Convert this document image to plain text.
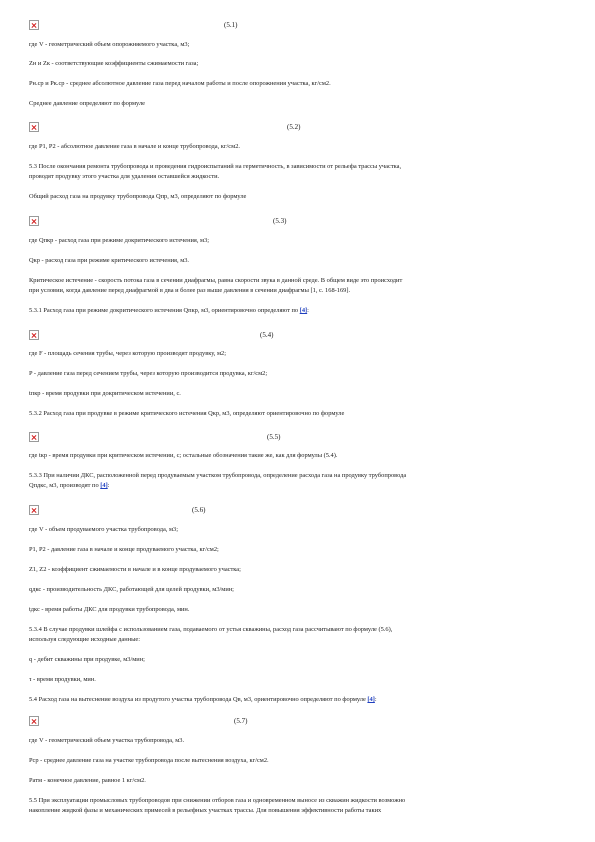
(5.1)

где V - геометрический объем опорожняемого участка, м3;

Zн и Zк - соответствующие коэффициенты сжимаемости газа;

Рн.ср и Рк.ср - среднее абсолютное давление газа перед началом работы и после опорожнения участка, кг/см2.

Среднее давление определяют по формуле

(5.2)

где P1, P2 - абсолютное давление газа в начале и конце трубопровода, кг/см2.

5.3 После окончания ремонта трубопровода и проведения гидроиспытаний на герметичность, в зависимости от рельефа трассы участка,

проводят продувку этого участка для удаления оставшейся жидкости.

Общий расход газа на продувку трубопровода Qпр, м3, определяют по формуле

(5.3)

где Qпкр - расход газа при режиме докритического истечения, м3;

Qкр - расход газа при режиме критического истечения, м3.

Критическое истечение - скорость потока газа в сечении диафрагмы, равна скорости звука в данной среде. В общем виде это происходит

при условии, когда давление перед диафрагмой в два и более раз выше давления в сечении диафрагмы [1, с. 168-169].

5.3.1 Расход газа при режиме докритического истечения Qпкр, м3, ориентировочно определяют по [4]:

(5.4)

где F - площадь сечения трубы, через которую производят продувку, м2;

P - давление газа перед сечением трубы, через которую производится продувка, кг/см2;

tпкр - время продувки при докритическом истечении, с.

5.3.2 Расход газа при продувке в режиме критического истечения Qкр, м3, определяют ориентировочно по формуле

(5.5)

где tкр - время продувки при критическом истечении, с; остальные обозначения такие же, как для формулы (5.4).

5.3.3 При наличии ДКС, расположенной перед продуваемым участком трубопровода, определение расхода газа на продувку трубопровода

Qпдкс, м3, производят по [4]:

(5.6)

где V - объем продуваемого участка трубопровода, м3;

P1, P2 - давление газа в начале и конце продуваемого участка, кг/см2;

Z1, Z2 - коэффициент сжимаемости в начале и в конце продуваемого участка;

qдкс - производительность ДКС, работающей для целей продувки, м3/мин;

tдкс - время работы ДКС для продувки трубопровода, мин.

5.3.4 В случае продувки шлейфа с использованием газа, подаваемого от устья скважины, расход газа рассчитывают по формуле (5.6),

используя следующие исходные данные:

q - дебит скважины при продувке, м3/мин;

τ - время продувки, мин.

5.4 Расход газа на вытеснение воздуха из продутого участка трубопровода Qв, м3, ориентировочно определяют по формуле [4]:

(5.7)

где V - геометрический объем участка трубопровода, м3.

Pср - среднее давление газа на участке трубопровода после вытеснения воздуха, кг/см2.

Pатм - конечное давление, равное 1 кг/см2.

5.5 При эксплуатации промысловых трубопроводов при снижении отборов газа и одновременном выносе из скважин жидкости возможно

накопление жидкой фазы и механических примесей в рельефных участках трассы. Для повышения эффективности работы таких
